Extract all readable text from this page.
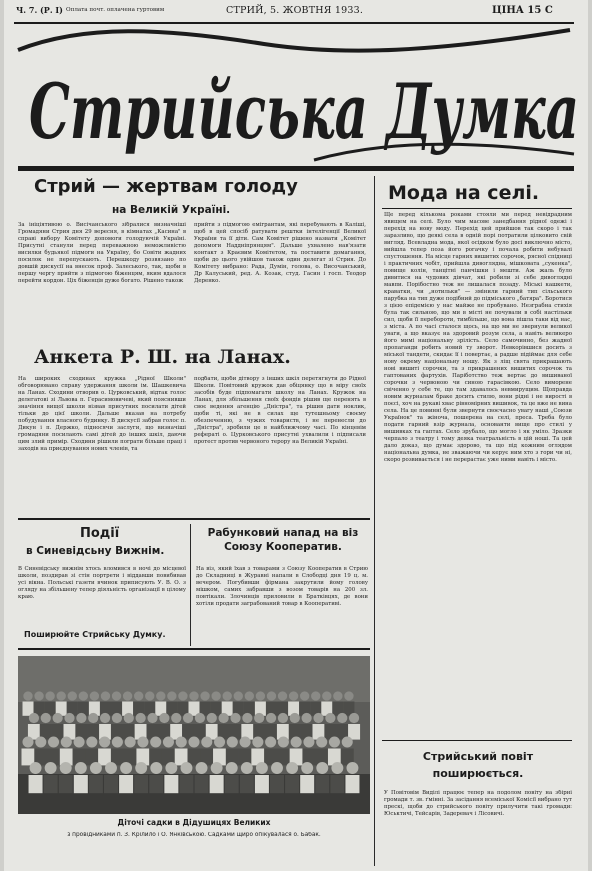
Ч. 7. (Р. I) Оплата почт. оплачена гуртовим	СТРИЙ, 5. ЖОВТНЯ 1933.	ЦІНА 15 С
Стрийська Думка
Стрий — жертвам голоду
на Великій Україні.
За ініціятивою о. Висічанського зібралися визначніші Громадяни Стрия дня 29 вересня, в кімнатах „Касина" в справі вибору Комітету допомоги голодуючій Україні. Присутні станули перед переважною неможливістю висилки будьякої підмоги на Україну, бо Совіти жадних посилок не перепускають. Перешкоду розвязано по довшій дискусії на внесок проф. Залеського, так, щоби в першу чергу прийти з підмогою біженцям, яким вдалося перейти кордон. Ціх біженців дуже богато. Рішено також
прийти з підмогою емігрантам, які перебувають в Каліші, щоб в цей спосіб ратувати рештки інтелігенції Великої України та її діти. Сам Комітет рішено назвати „Комітет допомоги Наддніпрянцям". Дальше ухвалено нав'язати контакт з Краєвим Комітетом, та поставити домагання, щоби до цього увійшов також один делегат зі Стрия. До Комітету вибрано: Рада, Думін, голова, о. Височанський, Др Калуський, ред. А. Козак, студ. Гасин і госп. Теодор Деренко.
Анкета Р. Ш. на Ланах.
На широких сходинах кружка „Рідної Школи" обговорювано справу удержання школи ім. Шашкевича на Ланах. Сходини отворив о. Цурковський, відтак голос делегатові зі Львова п. Герасимовичеві, який пояснивши значіння вищої школи візвав присутних посилати дітей тільки до цієї школи. Дальше вказав на потребу побудування власного будинку. В дискусії забрав голос п. Дикун і п. Держко, підносячи заслуги, що визначіші громадяни посилають самі дітей до інших шкіл, даючи цим злий примір. Сходини рішили пограти більше праці і заходів на приєднування нових членів, та
подбати, щоби дітвору з інших шкіл перетягнути до Рідної Школи. Повітовий кружок дав обіцянку що в міру своїх засобів буде підпомагати школу на Ланах. Кружок на Ланах, для збільшення своїх фондів рішив ще перенять в своє ведення агенцію „Дністра", та рішив дати ноклик, щоби ті, які не в силах ще тутешньому своєму обезпеченню, з чужих товариств, і не перенесли до „Дністра", зробили це в найближчому часі. По кінцевім рефераті о. Цурковського присутні ухвалили і підписали протест против червоного терору на Великій Україні.
Події
в Синевідсьну Вижнім.
В Синевідську вижнім хтось вломився в ночі до місцевої школи, поздирав зі стін портрети і віддавши повибивав усі вікна. Польські газети вчинок приписують У. В. О. з огляду на збільшену тепер діяльність організації в цілому краю.
Поширюйте Стрийську Думку.
Рабунковий напад на віз Союзу Кооператив.
На віз, який їхав з товарами з Союзу Кооператив в Стрию до Складниці в Журавні напали в Слободці дня 19 ц. м. вечером. Погубивши фірмана закрутили йому голову мішком, самих забравши з возом товарів на 200 зл. повтікали. Злочинців приловили в Братківцях, де вони хотіли продати заграбований товар в Кооперативі.
Діточі садки в Дідушицях Великих
з провідниками п. З. Крілило і О. Янківською. Садками щиро опікувалася о. Бабак.
Мода на селі.
Ще перед кількома роками стояли ми перед невідрадним явищем на селі. Було чим масове занедбання рідної одежі і перехід на нову моду. Перехід цей прийшов так скоро і так заразливо, що деякі села в одній порі потратили цілковито свій вигляд. Всевладна мода, якої осідком було досі виключно місто, вийшла тепер поза його рогачку і почала робити небувалі спустошення. На місце гарних вишитих сорочок, рясної спідниці і практичних чобіт, прийшла дивоглядна, мішковата „сукенка", повище колін, танцітні панчішки і мешти. Аж жаль було дивитися на чудових дівчат, які робили зі себе дивоглядні мавпи. Порібостно теж не лишалася позаду. Міські кашкети, краватки, чи „нотильки" — змінили гарний тип сільського парубка на тип дуже подібний до підміського „батяра". Боротися з цією епідемією у нас майже не пробувано. Незграбна стихія була так сильною, що ми в місті не почували в собі настільки сил, щоби її перебороти, тимбільше, що вона пішла таки від нас, з міста. А по часі сталося щось, на що ми не звернули великої уваги, а що вказує на здоровий розум села, а навіть великеро його мимі національну зрілість. Село самочинно, без жадної пропаганди робить новий ту зворот. Невкорівшися досить з міської тандети, скидає її і повертає, а радше підіймає для себе нову окрему національну ношу. Як з ліщ свята прикрашають нові вишиті сорочки, та з прикрашених вишитих сорочок та гаптованих фартухів. Паріботство теж вертає до вишиваної сорочки з червоною чи синою гарасівкою. Село виморене свіченно у себе те, що там здавалось невмирущим. Щоправда новим журналам браке досить стилю, вони рідні і не вирості в поєсі, хоч на рукаві хвас рівномірних вишивок, та це вже не вина села. На це повинні були звернути своєчасно увагу наші „Союзи Українок" та жіноча, пошерена на селі, преса. Треба було подати гарний взір журнала, основанти вище про стилі у вишивках та гаптах. Село зрубало, що могло і як уміло. Зразки черпало з театру і тому деяка театральність в цій ноші. Та цей дало доказ, що думає здорово, та що під кожним оглядом національна думка, не зважаючи чи керує ним хто з гори чи ні, скоро розвивається і не перерастає уже ними навіть і місто.
Стрийський повіт поширюється.
У Повітовім Виділі працює тепер на подолом повіту на збірні громади т. зв. ґмінні. За засідання всеміської Комісії вибрано тут прескі, щоби до стрийського повіту прилучити такі громади: Юськтичі, Тейсарів, Задеревач і Лісовичі.
